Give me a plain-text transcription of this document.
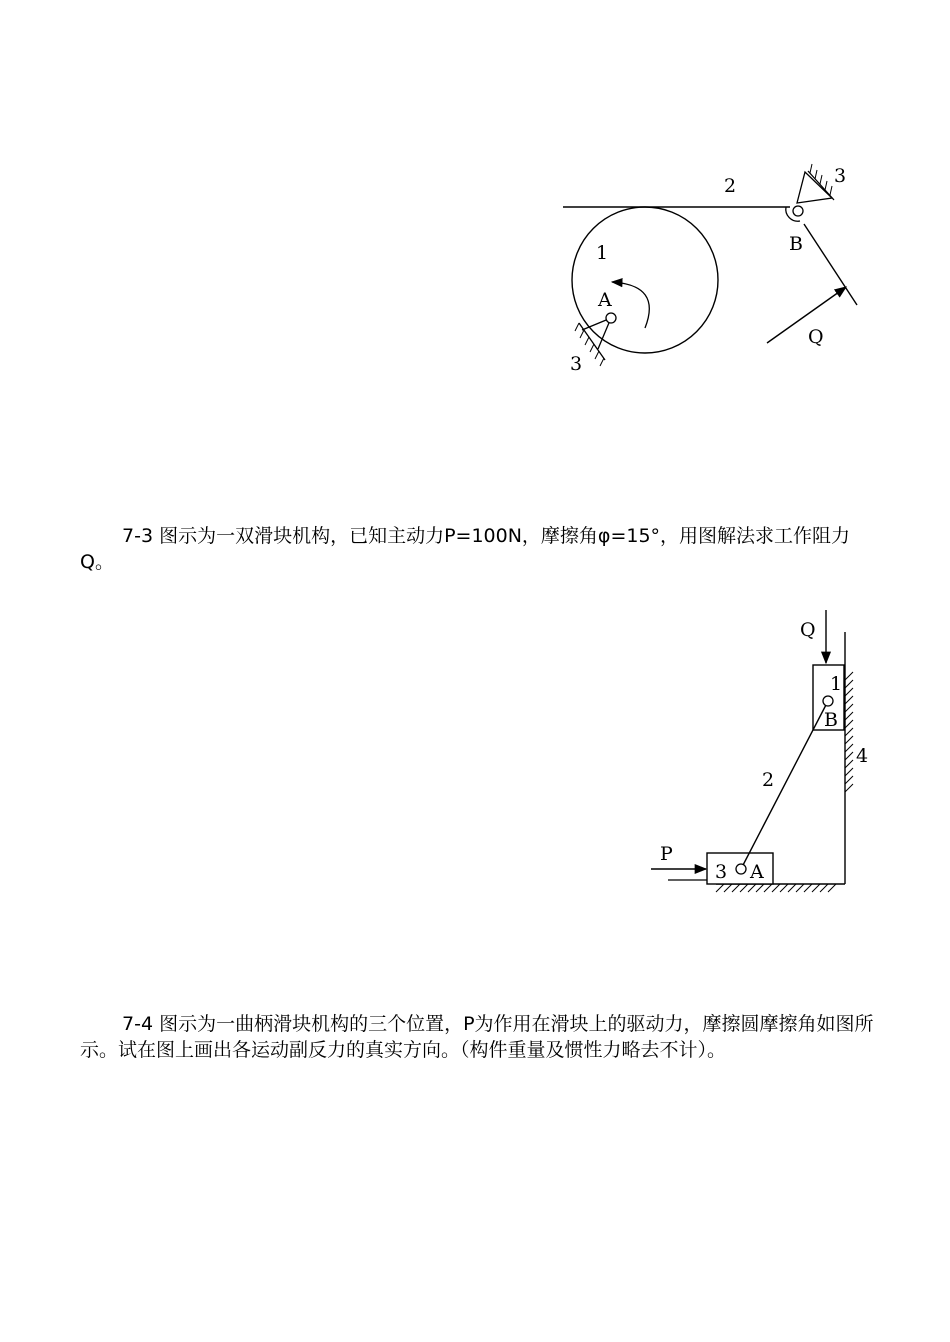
2	3
B
1
A
3
Q
Q
1
B
4
2
P
3 A

7-3 图示为一双滑块机构，已知主动力P=100N，摩擦角φ=15°，用图解法求工作阻力Q。

7-4 图示为一曲柄滑块机构的三个位置，P为作用在滑块上的驱动力，摩擦圆摩擦角如图所示。试在图上画出各运动副反力的真实方向。（构件重量及惯性力略去不计）。
